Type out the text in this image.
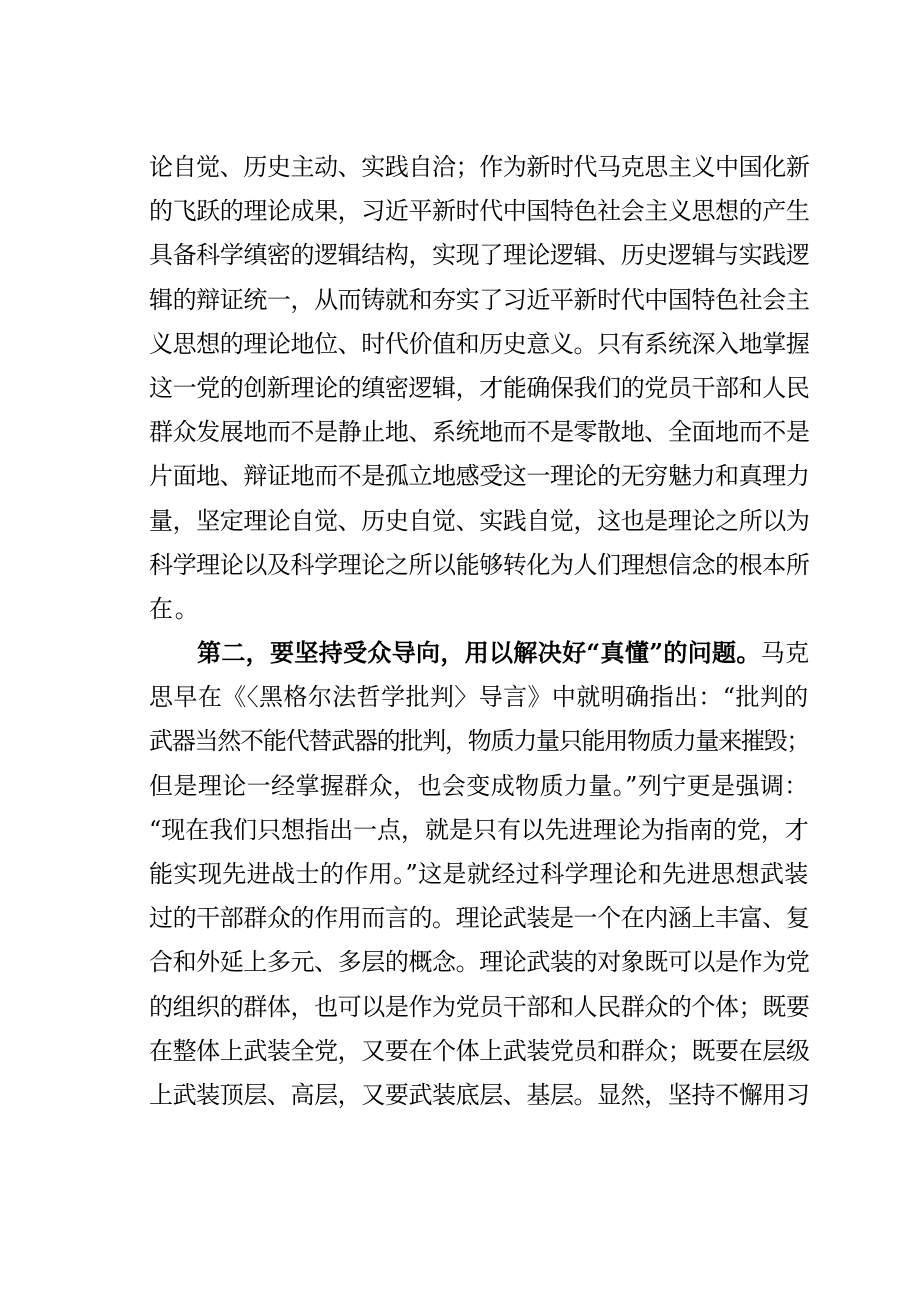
论自觉、历史主动、实践自洽；作为新时代马克思主义中国化新
的飞跃的理论成果，习近平新时代中国特色社会主义思想的产生
具备科学缜密的逻辑结构，实现了理论逻辑、历史逻辑与实践逻
辑的辩证统一，从而铸就和夯实了习近平新时代中国特色社会主
义思想的理论地位、时代价值和历史意义。只有系统深入地掌握
这一党的创新理论的缜密逻辑，才能确保我们的党员干部和人民
群众发展地而不是静止地、系统地而不是零散地、全面地而不是
片面地、辩证地而不是孤立地感受这一理论的无穷魅力和真理力
量，坚定理论自觉、历史自觉、实践自觉，这也是理论之所以为
科学理论以及科学理论之所以能够转化为人们理想信念的根本所
在。
第二，要坚持受众导向，用以解决好“真懂”的问题。马克
思早在《〈黑格尔法哲学批判〉导言》中就明确指出：“批判的
武器当然不能代替武器的批判，物质力量只能用物质力量来摧毁；
但是理论一经掌握群众，也会变成物质力量。”列宁更是强调：
“现在我们只想指出一点，就是只有以先进理论为指南的党，才
能实现先进战士的作用。”这是就经过科学理论和先进思想武装
过的干部群众的作用而言的。理论武装是一个在内涵上丰富、复
合和外延上多元、多层的概念。理论武装的对象既可以是作为党
的组织的群体，也可以是作为党员干部和人民群众的个体；既要
在整体上武装全党，又要在个体上武装党员和群众；既要在层级
上武装顶层、高层，又要武装底层、基层。显然，坚持不懈用习
